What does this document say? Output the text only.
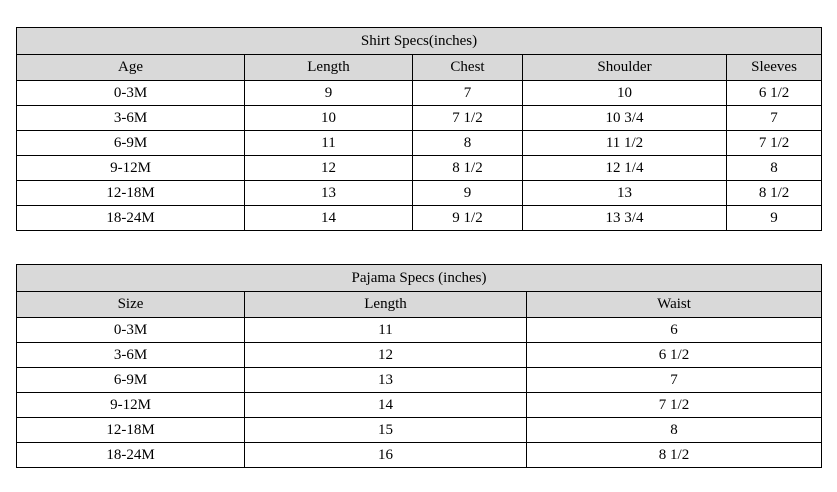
Shirt Specs(inches)				
Age	Length	Chest	Shoulder	Sleeves
0-3M	9	7	10	6 1/2
3-6M	10	7 1/2	10 3/4	7
6-9M	11	8	11 1/2	7 1/2
9-12M	12	8 1/2	12 1/4	8
12-18M	13	9	13	8 1/2
18-24M	14	9 1/2	13 3/4	9
Pajama Specs (inches)		
Size	Length	Waist
0-3M	11	6
3-6M	12	6 1/2
6-9M	13	7
9-12M	14	7 1/2
12-18M	15	8
18-24M	16	8 1/2
